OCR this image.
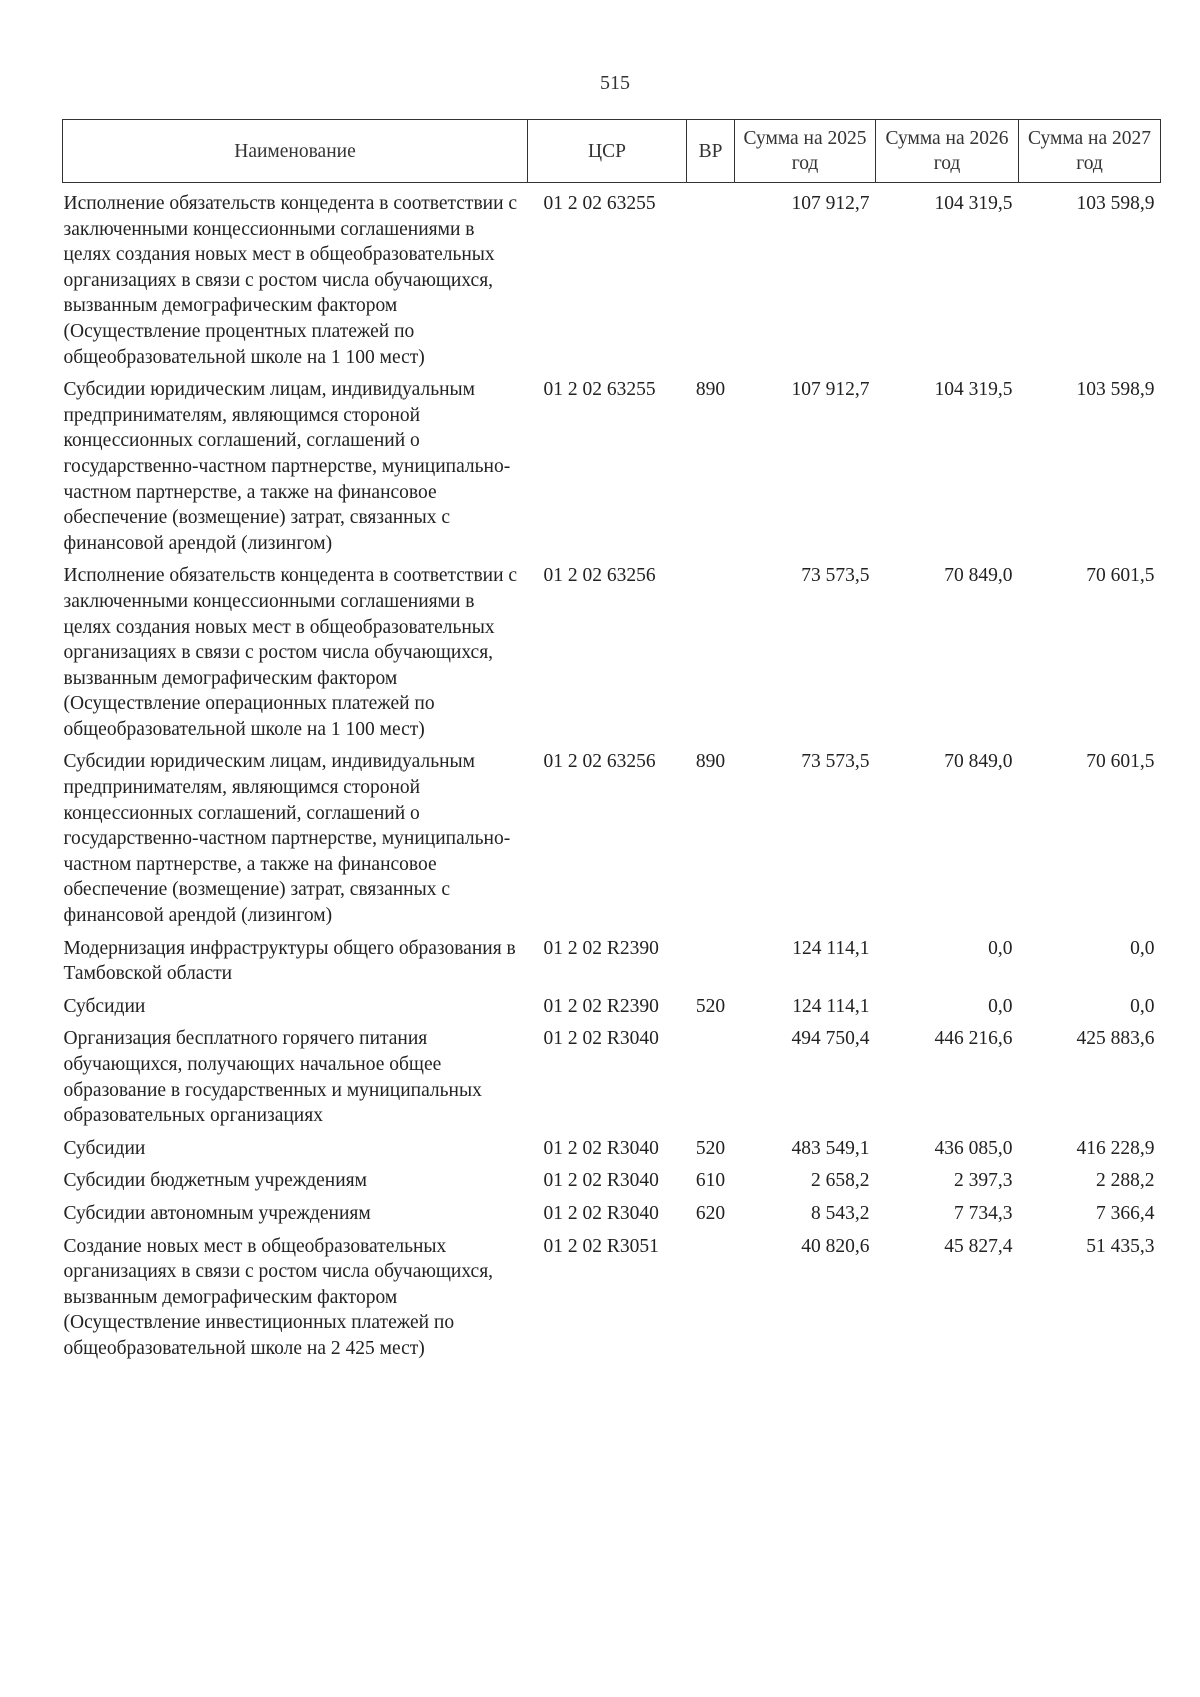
515
Наименование	ЦСР	ВР	Сумма на 2025 год	Сумма на 2026 год	Сумма на 2027 год
Исполнение обязательств концедента в соответствии с заключенными концессионными соглашениями в целях создания новых мест в общеобразовательных организациях в связи с ростом числа обучающихся, вызванным демографическим фактором (Осуществление процентных платежей по общеобразовательной школе на 1 100 мест)	01 2 02 63255		107 912,7	104 319,5	103 598,9
Субсидии юридическим лицам, индивидуальным предпринимателям, являющимся стороной концессионных соглашений, соглашений о государственно-частном партнерстве, муниципально-частном партнерстве, а также на финансовое обеспечение (возмещение) затрат, связанных с финансовой арендой (лизингом)	01 2 02 63255	890	107 912,7	104 319,5	103 598,9
Исполнение обязательств концедента в соответствии с заключенными концессионными соглашениями в целях создания новых мест в общеобразовательных организациях в связи с ростом числа обучающихся, вызванным демографическим фактором (Осуществление операционных платежей по общеобразовательной школе на 1 100 мест)	01 2 02 63256		73 573,5	70 849,0	70 601,5
Субсидии юридическим лицам, индивидуальным предпринимателям, являющимся стороной концессионных соглашений, соглашений о государственно-частном партнерстве, муниципально-частном партнерстве, а также на финансовое обеспечение (возмещение) затрат, связанных с финансовой арендой (лизингом)	01 2 02 63256	890	73 573,5	70 849,0	70 601,5
Модернизация инфраструктуры общего образования в Тамбовской области	01 2 02 R2390		124 114,1	0,0	0,0
Субсидии	01 2 02 R2390	520	124 114,1	0,0	0,0
Организация бесплатного горячего питания обучающихся, получающих начальное общее образование в государственных и муниципальных образовательных организациях	01 2 02 R3040		494 750,4	446 216,6	425 883,6
Субсидии	01 2 02 R3040	520	483 549,1	436 085,0	416 228,9
Субсидии бюджетным учреждениям	01 2 02 R3040	610	2 658,2	2 397,3	2 288,2
Субсидии автономным учреждениям	01 2 02 R3040	620	8 543,2	7 734,3	7 366,4
Создание новых мест в общеобразовательных организациях в связи с ростом числа обучающихся, вызванным демографическим фактором (Осуществление инвестиционных платежей по общеобразовательной школе на 2 425 мест)	01 2 02 R3051		40 820,6	45 827,4	51 435,3
